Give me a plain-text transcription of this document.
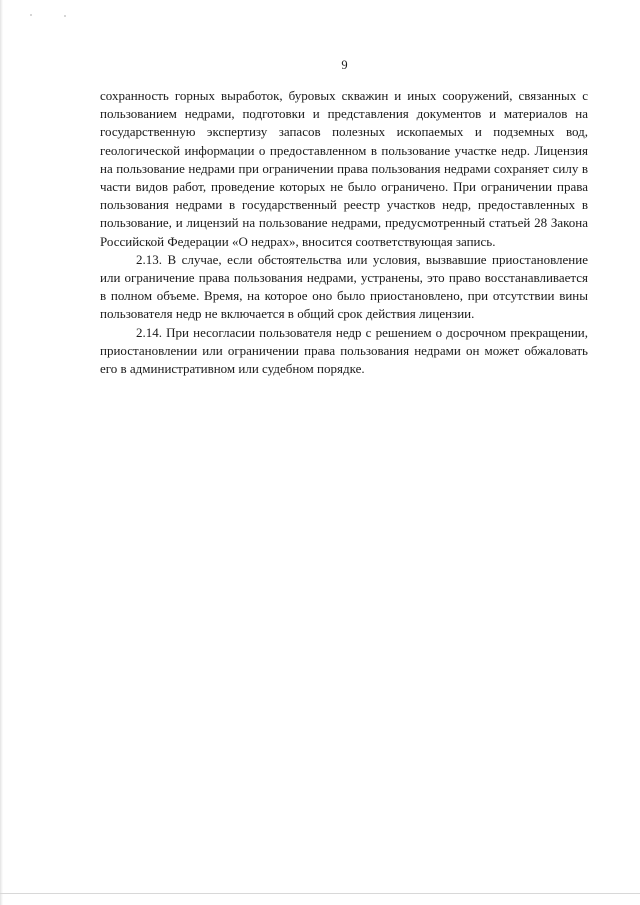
9

сохранность горных выработок, буровых скважин и иных сооружений, связанных с пользованием недрами, подготовки и представления документов и материалов на государственную экспертизу запасов полезных ископаемых и подземных вод, геологической информации о предоставленном в пользование участке недр. Лицензия на пользование недрами при ограничении права пользования недрами сохраняет силу в части видов работ, проведение которых не было ограничено. При ограничении права пользования недрами в государственный реестр участков недр, предоставленных в пользование, и лицензий на пользование недрами, предусмотренный статьей 28 Закона Российской Федерации «О недрах», вносится соответствующая запись.

2.13. В случае, если обстоятельства или условия, вызвавшие приостановление или ограничение права пользования недрами, устранены, это право восстанавливается в полном объеме. Время, на которое оно было приостановлено, при отсутствии вины пользователя недр не включается в общий срок действия лицензии.

2.14. При несогласии пользователя недр с решением о досрочном прекращении, приостановлении или ограничении права пользования недрами он может обжаловать его в административном или судебном порядке.
